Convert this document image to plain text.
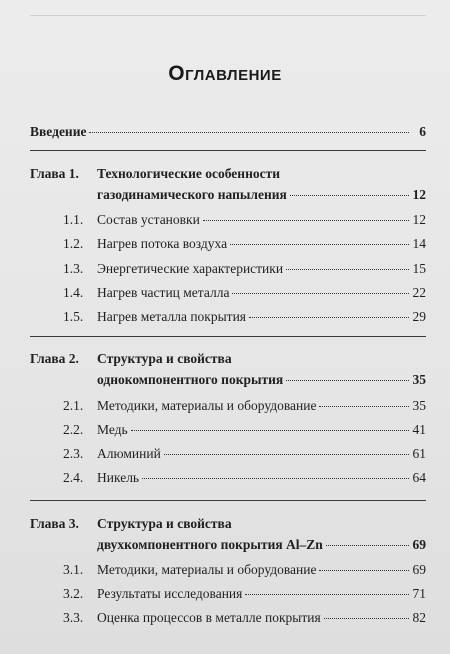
Оглавление
Введение	6
Глава 1. Технологические особенности
газодинамического напыления	12
1.1. Состав установки	12
1.2. Нагрев потока воздуха	14
1.3. Энергетические характеристики	15
1.4. Нагрев частиц металла	22
1.5. Нагрев металла покрытия	29
Глава 2. Структура и свойства
однокомпонентного покрытия	35
2.1. Методики, материалы и оборудование	35
2.2. Медь	41
2.3. Алюминий	61
2.4. Никель	64
Глава 3. Структура и свойства
двухкомпонентного покрытия Al–Zn	69
3.1. Методики, материалы и оборудование	69
3.2. Результаты исследования	71
3.3. Оценка процессов в металле покрытия	82
